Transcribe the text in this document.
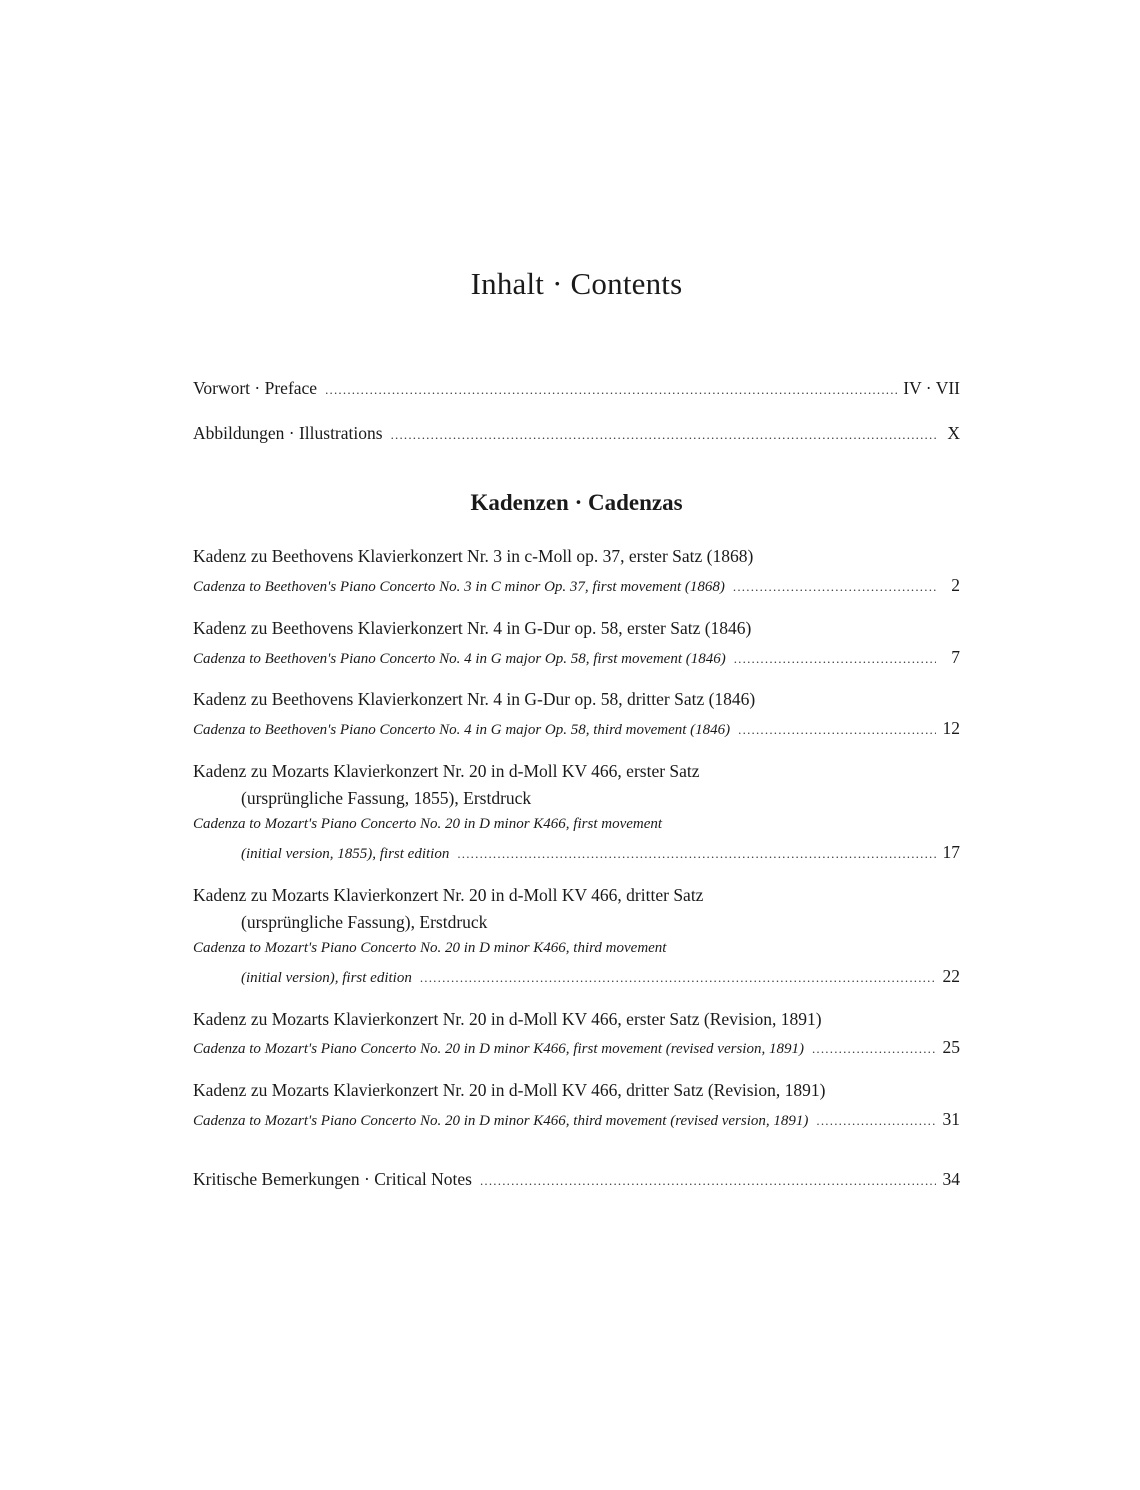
Inhalt · Contents
Vorwort · Preface .....	IV · VII
Abbildungen · Illustrations .....	X
Kadenzen · Cadenzas
Kadenz zu Beethovens Klavierkonzert Nr. 3 in c-Moll op. 37, erster Satz (1868)
Cadenza to Beethoven's Piano Concerto No. 3 in C minor Op. 37, first movement (1868) .....	2
Kadenz zu Beethovens Klavierkonzert Nr. 4 in G-Dur op. 58, erster Satz (1846)
Cadenza to Beethoven's Piano Concerto No. 4 in G major Op. 58, first movement (1846) .....	7
Kadenz zu Beethovens Klavierkonzert Nr. 4 in G-Dur op. 58, dritter Satz (1846)
Cadenza to Beethoven's Piano Concerto No. 4 in G major Op. 58, third movement (1846) .....	12
Kadenz zu Mozarts Klavierkonzert Nr. 20 in d-Moll KV 466, erster Satz
(ursprüngliche Fassung, 1855), Erstdruck
Cadenza to Mozart's Piano Concerto No. 20 in D minor K466, first movement
(initial version, 1855), first edition .....	17
Kadenz zu Mozarts Klavierkonzert Nr. 20 in d-Moll KV 466, dritter Satz
(ursprüngliche Fassung), Erstdruck
Cadenza to Mozart's Piano Concerto No. 20 in D minor K466, third movement
(initial version), first edition .....	22
Kadenz zu Mozarts Klavierkonzert Nr. 20 in d-Moll KV 466, erster Satz (Revision, 1891)
Cadenza to Mozart's Piano Concerto No. 20 in D minor K466, first movement (revised version, 1891) .....	25
Kadenz zu Mozarts Klavierkonzert Nr. 20 in d-Moll KV 466, dritter Satz (Revision, 1891)
Cadenza to Mozart's Piano Concerto No. 20 in D minor K466, third movement (revised version, 1891) .....	31
Kritische Bemerkungen · Critical Notes .....	34
